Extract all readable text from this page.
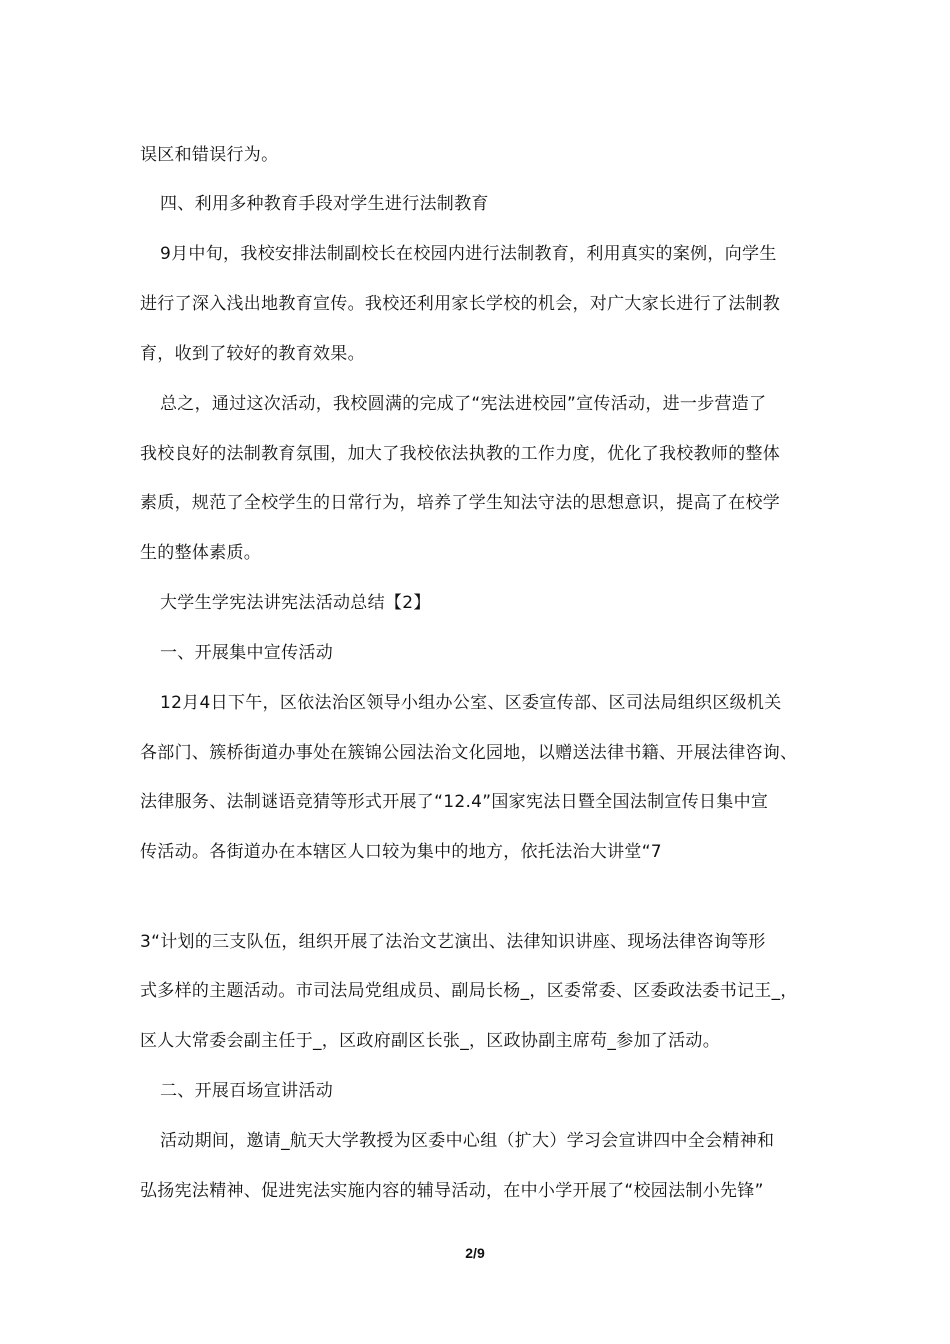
误区和错误行为。
四、利用多种教育手段对学生进行法制教育
9月中旬，我校安排法制副校长在校园内进行法制教育，利用真实的案例，向学生
进行了深入浅出地教育宣传。我校还利用家长学校的机会，对广大家长进行了法制教
育，收到了较好的教育效果。
总之，通过这次活动，我校圆满的完成了“宪法进校园”宣传活动，进一步营造了
我校良好的法制教育氛围，加大了我校依法执教的工作力度，优化了我校教师的整体
素质，规范了全校学生的日常行为，培养了学生知法守法的思想意识，提高了在校学
生的整体素质。
大学生学宪法讲宪法活动总结【2】
一、开展集中宣传活动
12月4日下午，区依法治区领导小组办公室、区委宣传部、区司法局组织区级机关
各部门、簇桥街道办事处在簇锦公园法治文化园地，以赠送法律书籍、开展法律咨询、
法律服务、法制谜语竞猜等形式开展了“12.4”国家宪法日暨全国法制宣传日集中宣
传活动。各街道办在本辖区人口较为集中的地方，依托法治大讲堂“7
3“计划的三支队伍，组织开展了法治文艺演出、法律知识讲座、现场法律咨询等形
式多样的主题活动。市司法局党组成员、副局长杨_，区委常委、区委政法委书记王_，
区人大常委会副主任于_，区政府副区长张_，区政协副主席苟_参加了活动。
二、开展百场宣讲活动
活动期间，邀请_航天大学教授为区委中心组（扩大）学习会宣讲四中全会精神和
弘扬宪法精神、促进宪法实施内容的辅导活动，在中小学开展了“校园法制小先锋”
2/9
